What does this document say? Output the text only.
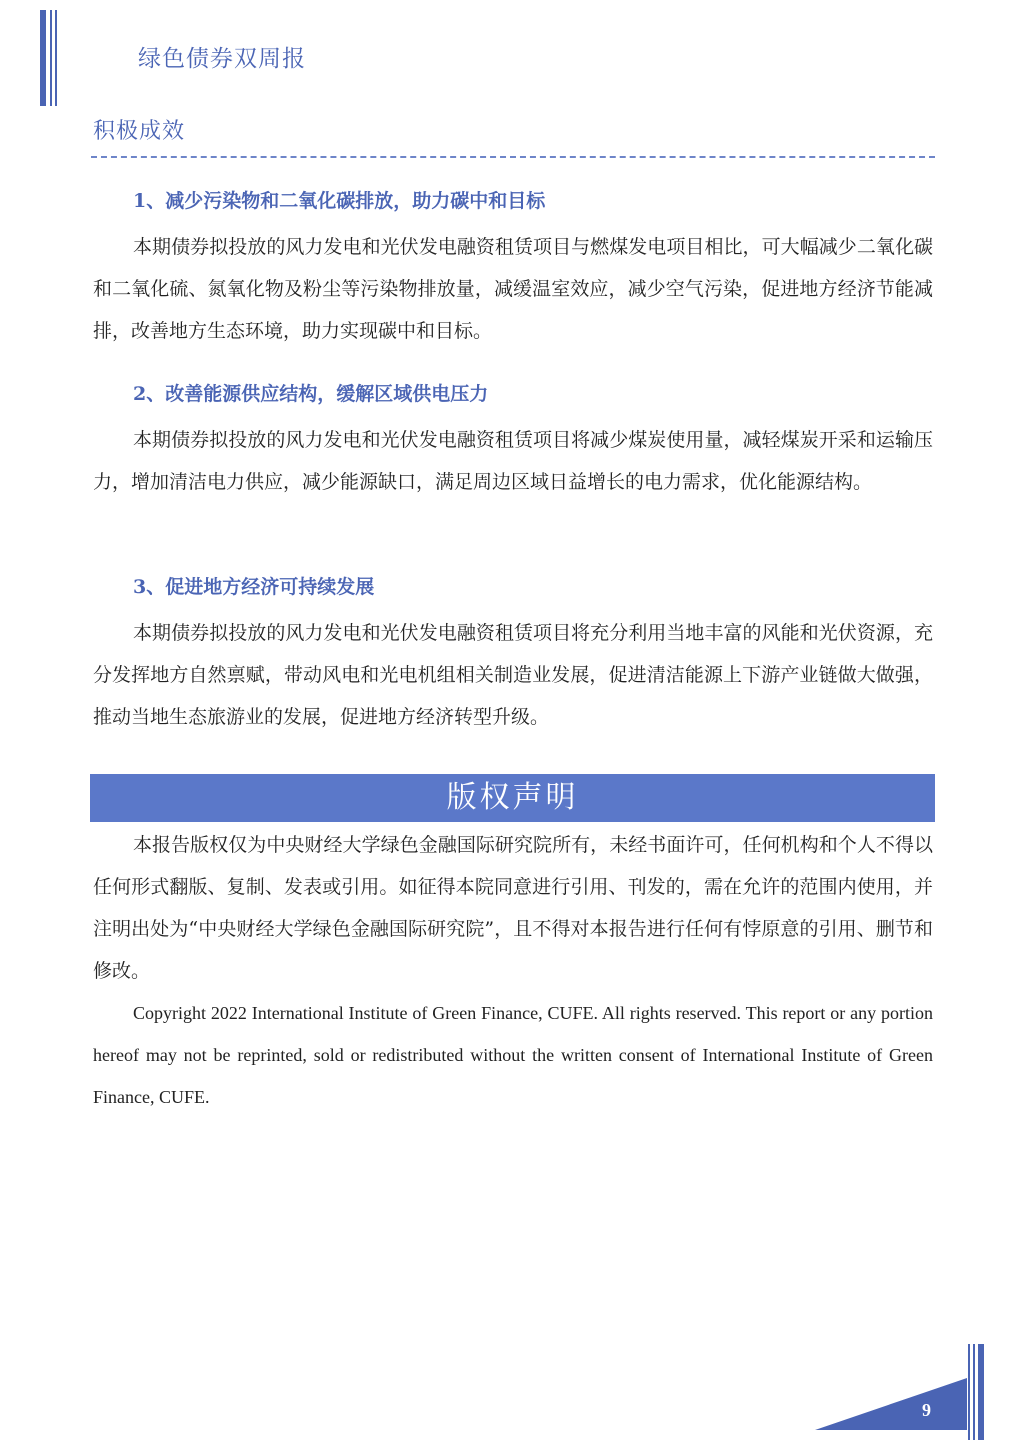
绿色债券双周报
积极成效
1、减少污染物和二氧化碳排放，助力碳中和目标

本期债券拟投放的风力发电和光伏发电融资租赁项目与燃煤发电项目相比，可大幅减少二氧化碳和二氧化硫、氮氧化物及粉尘等污染物排放量，减缓温室效应，减少空气污染，促进地方经济节能减排，改善地方生态环境，助力实现碳中和目标。

2、改善能源供应结构，缓解区域供电压力

本期债券拟投放的风力发电和光伏发电融资租赁项目将减少煤炭使用量，减轻煤炭开采和运输压力，增加清洁电力供应，减少能源缺口，满足周边区域日益增长的电力需求，优化能源结构。

3、促进地方经济可持续发展

本期债券拟投放的风力发电和光伏发电融资租赁项目将充分利用当地丰富的风能和光伏资源，充分发挥地方自然禀赋，带动风电和光电机组相关制造业发展，促进清洁能源上下游产业链做大做强，推动当地生态旅游业的发展，促进地方经济转型升级。

版权声明

本报告版权仅为中央财经大学绿色金融国际研究院所有，未经书面许可，任何机构和个人不得以任何形式翻版、复制、发表或引用。如征得本院同意进行引用、刊发的，需在允许的范围内使用，并注明出处为“中央财经大学绿色金融国际研究院”，且不得对本报告进行任何有悖原意的引用、删节和修改。

Copyright 2022 International Institute of Green Finance, CUFE. All rights reserved. This report or any portion hereof may not be reprinted, sold or redistributed without the written consent of International Institute of Green Finance, CUFE.

9
